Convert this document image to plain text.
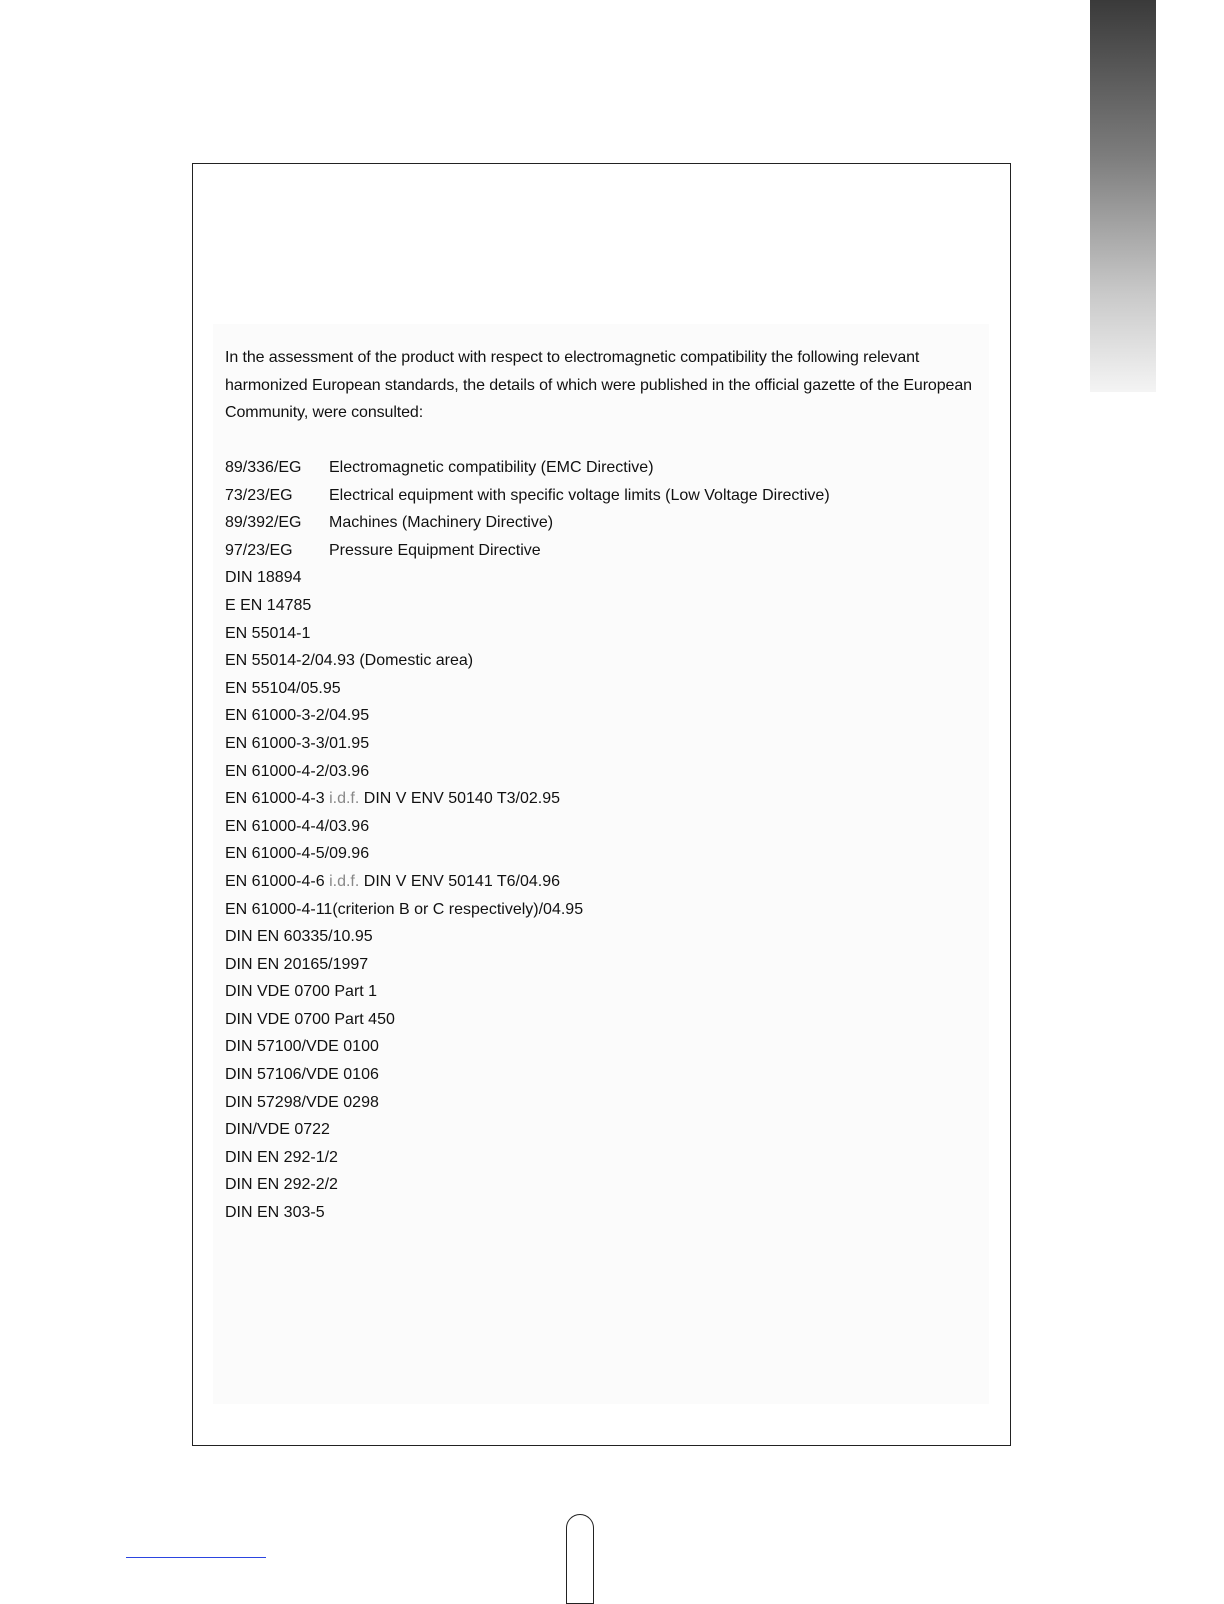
In the assessment of the product with respect to electromagnetic compatibility the following relevant harmonized European standards, the details of which were published in the official gazette of the European Community, were consulted:

89/336/EG Electromagnetic compatibility (EMC Directive)
73/23/EG Electrical equipment with specific voltage limits (Low Voltage Directive)
89/392/EG Machines (Machinery Directive)
97/23/EG Pressure Equipment Directive
DIN 18894
E EN 14785
EN 55014-1
EN 55014-2/04.93 (Domestic area)
EN 55104/05.95
EN 61000-3-2/04.95
EN 61000-3-3/01.95
EN 61000-4-2/03.96
EN 61000-4-3 i.d.f. DIN V ENV 50140 T3/02.95
EN 61000-4-4/03.96
EN 61000-4-5/09.96
EN 61000-4-6 i.d.f. DIN V ENV 50141 T6/04.96
EN 61000-4-11(criterion B or C respectively)/04.95
DIN EN 60335/10.95
DIN EN 20165/1997
DIN VDE 0700 Part 1
DIN VDE 0700 Part 450
DIN 57100/VDE 0100
DIN 57106/VDE 0106
DIN 57298/VDE 0298
DIN/VDE 0722
DIN EN 292-1/2
DIN EN 292-2/2
DIN EN 303-5
